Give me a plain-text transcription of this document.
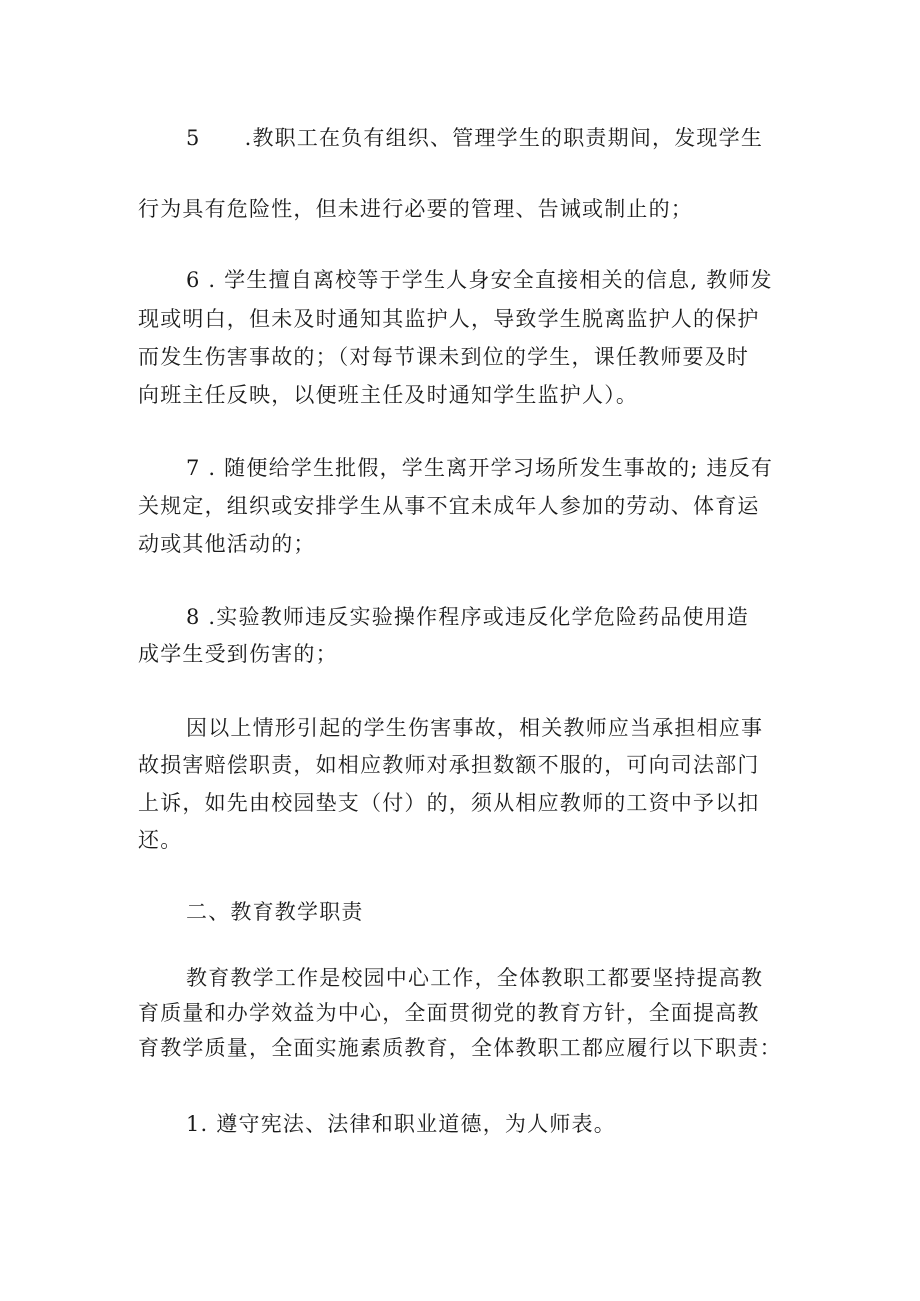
5 .教职工在负有组织、管理学生的职责期间，发现学生
行为具有危险性，但未进行必要的管理、告诫或制止的；
6 . 学生擅自离校等于学生人身安全直接相关的信息, 教师发
现或明白，但未及时通知其监护人，导致学生脱离监护人的保护
而发生伤害事故的；（对每节课未到位的学生，课任教师要及时
向班主任反映，以便班主任及时通知学生监护人）。
7 . 随便给学生批假，学生离开学习场所发生事故的; 违反有
关规定，组织或安排学生从事不宜未成年人参加的劳动、体育运
动或其他活动的；
8 .实验教师违反实验操作程序或违反化学危险药品使用造
成学生受到伤害的；
因以上情形引起的学生伤害事故，相关教师应当承担相应事
故损害赔偿职责，如相应教师对承担数额不服的，可向司法部门
上诉，如先由校园垫支（付）的，须从相应教师的工资中予以扣
还。
二、教育教学职责
教育教学工作是校园中心工作，全体教职工都要坚持提高教
育质量和办学效益为中心，全面贯彻党的教育方针，全面提高教
育教学质量，全面实施素质教育，全体教职工都应履行以下职责：
1. 遵守宪法、法律和职业道德，为人师表。
